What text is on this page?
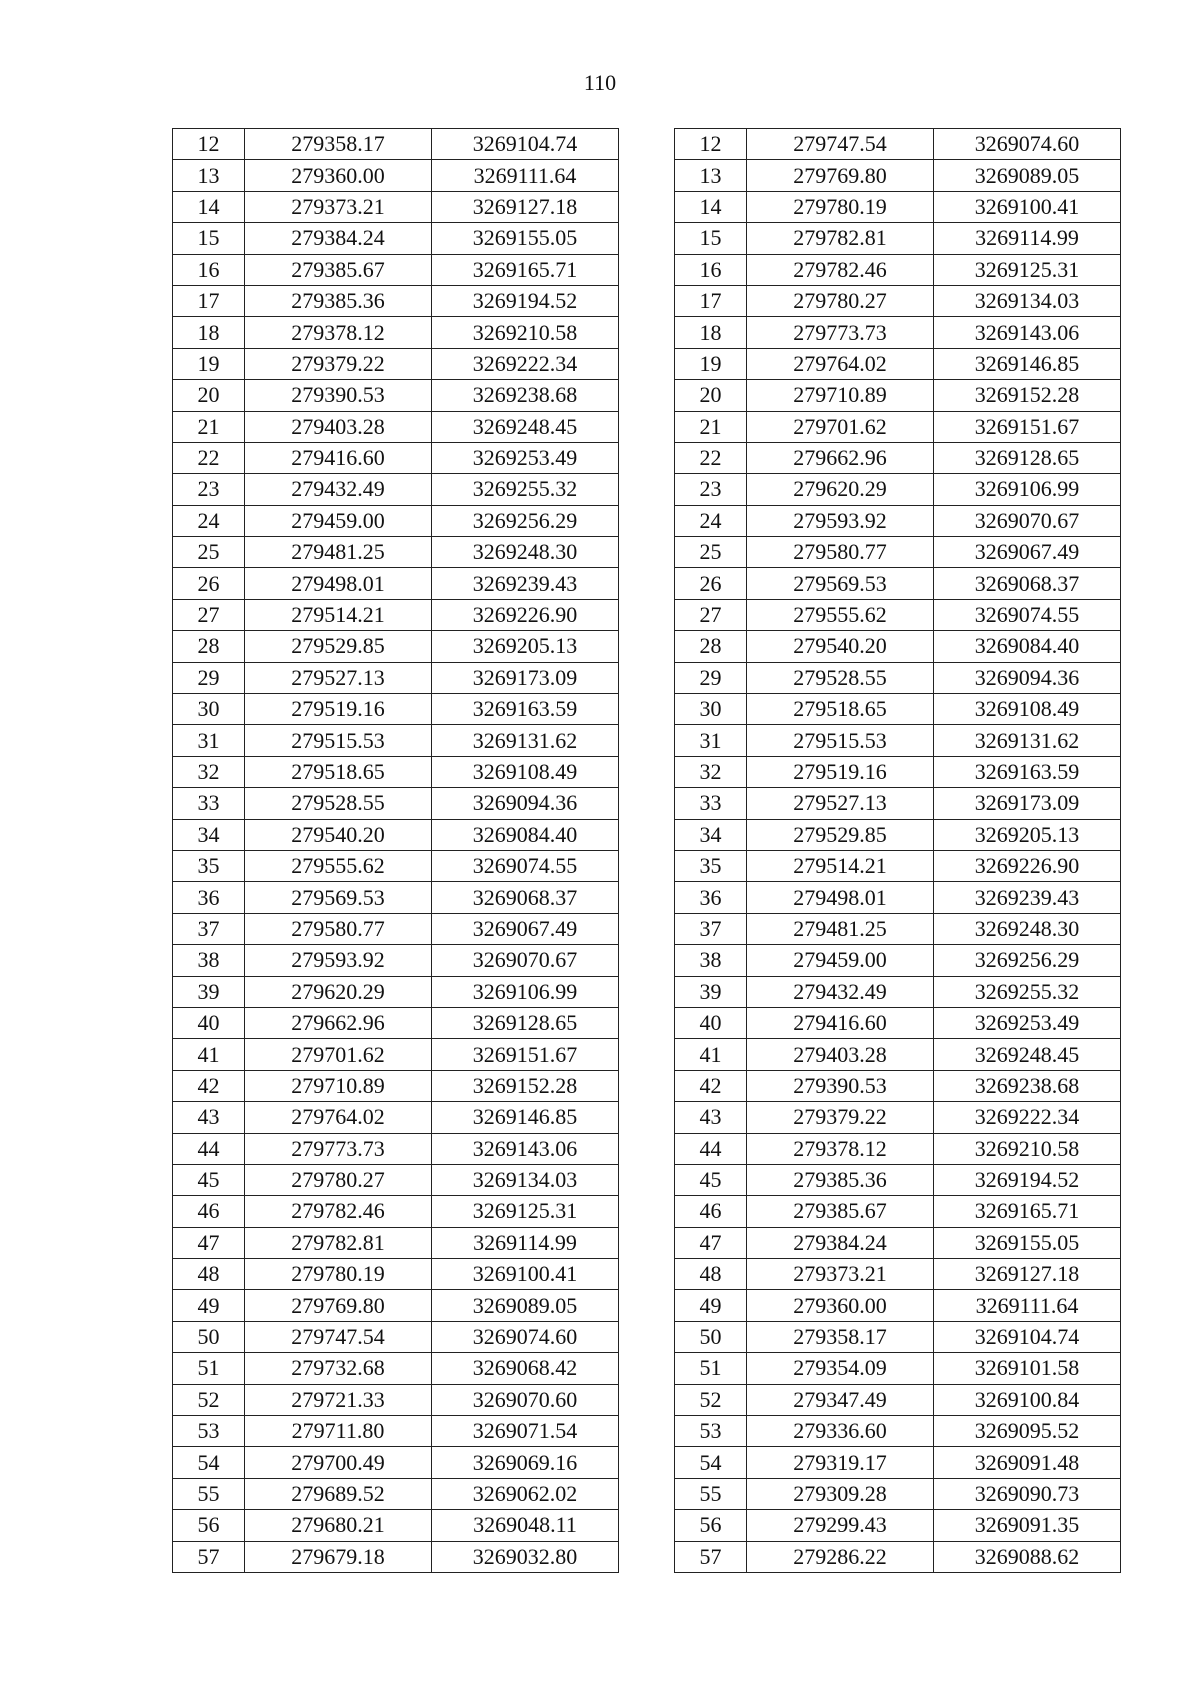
110
12	279358.17	3269104.74		12	279747.54	3269074.60
13	279360.00	3269111.64		13	279769.80	3269089.05
14	279373.21	3269127.18		14	279780.19	3269100.41
15	279384.24	3269155.05		15	279782.81	3269114.99
16	279385.67	3269165.71		16	279782.46	3269125.31
17	279385.36	3269194.52		17	279780.27	3269134.03
18	279378.12	3269210.58		18	279773.73	3269143.06
19	279379.22	3269222.34		19	279764.02	3269146.85
20	279390.53	3269238.68		20	279710.89	3269152.28
21	279403.28	3269248.45		21	279701.62	3269151.67
22	279416.60	3269253.49		22	279662.96	3269128.65
23	279432.49	3269255.32		23	279620.29	3269106.99
24	279459.00	3269256.29		24	279593.92	3269070.67
25	279481.25	3269248.30		25	279580.77	3269067.49
26	279498.01	3269239.43		26	279569.53	3269068.37
27	279514.21	3269226.90		27	279555.62	3269074.55
28	279529.85	3269205.13		28	279540.20	3269084.40
29	279527.13	3269173.09		29	279528.55	3269094.36
30	279519.16	3269163.59		30	279518.65	3269108.49
31	279515.53	3269131.62		31	279515.53	3269131.62
32	279518.65	3269108.49		32	279519.16	3269163.59
33	279528.55	3269094.36		33	279527.13	3269173.09
34	279540.20	3269084.40		34	279529.85	3269205.13
35	279555.62	3269074.55		35	279514.21	3269226.90
36	279569.53	3269068.37		36	279498.01	3269239.43
37	279580.77	3269067.49		37	279481.25	3269248.30
38	279593.92	3269070.67		38	279459.00	3269256.29
39	279620.29	3269106.99		39	279432.49	3269255.32
40	279662.96	3269128.65		40	279416.60	3269253.49
41	279701.62	3269151.67		41	279403.28	3269248.45
42	279710.89	3269152.28		42	279390.53	3269238.68
43	279764.02	3269146.85		43	279379.22	3269222.34
44	279773.73	3269143.06		44	279378.12	3269210.58
45	279780.27	3269134.03		45	279385.36	3269194.52
46	279782.46	3269125.31		46	279385.67	3269165.71
47	279782.81	3269114.99		47	279384.24	3269155.05
48	279780.19	3269100.41		48	279373.21	3269127.18
49	279769.80	3269089.05		49	279360.00	3269111.64
50	279747.54	3269074.60		50	279358.17	3269104.74
51	279732.68	3269068.42		51	279354.09	3269101.58
52	279721.33	3269070.60		52	279347.49	3269100.84
53	279711.80	3269071.54		53	279336.60	3269095.52
54	279700.49	3269069.16		54	279319.17	3269091.48
55	279689.52	3269062.02		55	279309.28	3269090.73
56	279680.21	3269048.11		56	279299.43	3269091.35
57	279679.18	3269032.80		57	279286.22	3269088.62
